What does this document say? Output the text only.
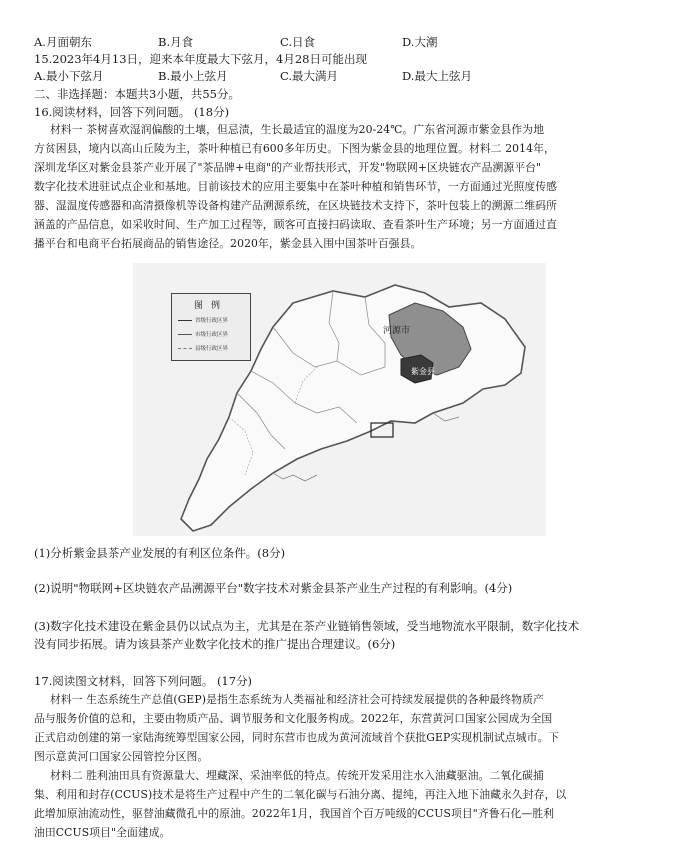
A.月面朝东	B.月食	C.日食	D.大潮
15.2023年4月13日，迎来本年度最大下弦月，4月28日可能出现
A.最小下弦月	B.最小上弦月	C.最大满月	D.最大上弦月
二、非选择题：本题共3小题，共55分。
16.阅读材料，回答下列问题。 (18分)
材料一 茶树喜欢湿润偏酸的土壤，但忌渍，生长最适宜的温度为20-24℃。广东省河源市紫金县作为地
方贫困县，境内以高山丘陵为主，茶叶种植已有600多年历史。下图为紫金县的地理位置。材料二 2014年，
深圳龙华区对紫金县茶产业开展了"茶品牌+电商"的产业帮扶形式，开发"物联网+区块链农产品溯源平台"
数字化技术进驻试点企业和基地。目前该技术的应用主要集中在茶叶种植和销售环节，一方面通过光照度传感
器、湿温度传感器和高清摄像机等设备构建产品溯源系统，在区块链技术支持下，茶叶包装上的溯源二维码所
涵盖的产品信息，如采收时间、生产加工过程等，顾客可直接扫码读取、查看茶叶生产环境；另一方面通过直
播平台和电商平台拓展商品的销售途径。2020年，紫金县入围中国茶叶百强县。
图例
省级行政区界
市级行政区界
县级行政区界
河源市
紫金县
(1)分析紫金县茶产业发展的有利区位条件。(8分)
(2)说明"物联网+区块链农产品溯源平台"数字技术对紫金县茶产业生产过程的有利影响。(4分)
(3)数字化技术建设在紫金县仍以试点为主，尤其是在茶产业链销售领域，受当地物流水平限制，数字化技术
没有同步拓展。请为该县茶产业数字化技术的推广提出合理建议。(6分)
17.阅读图文材料，回答下列问题。 (17分)
材料一 生态系统生产总值(GEP)是指生态系统为人类福祉和经济社会可持续发展提供的各种最终物质产
品与服务价值的总和，主要由物质产品、调节服务和文化服务构成。2022年，东营黄河口国家公园成为全国
正式启动创建的第一家陆海统筹型国家公园，同时东营市也成为黄河流域首个获批GEP实现机制试点城市。下
图示意黄河口国家公园管控分区图。
材料二 胜利油田具有资源量大、埋藏深、采油率低的特点。传统开发采用注水入油藏驱油。二氧化碳捕
集、利用和封存(CCUS)技术是将生产过程中产生的二氧化碳与石油分离、提纯，再注入地下油藏永久封存，以
此增加原油流动性，驱替油藏微孔中的原油。2022年1月，我国首个百万吨级的CCUS项目"齐鲁石化—胜利
油田CCUS项目"全面建成。
